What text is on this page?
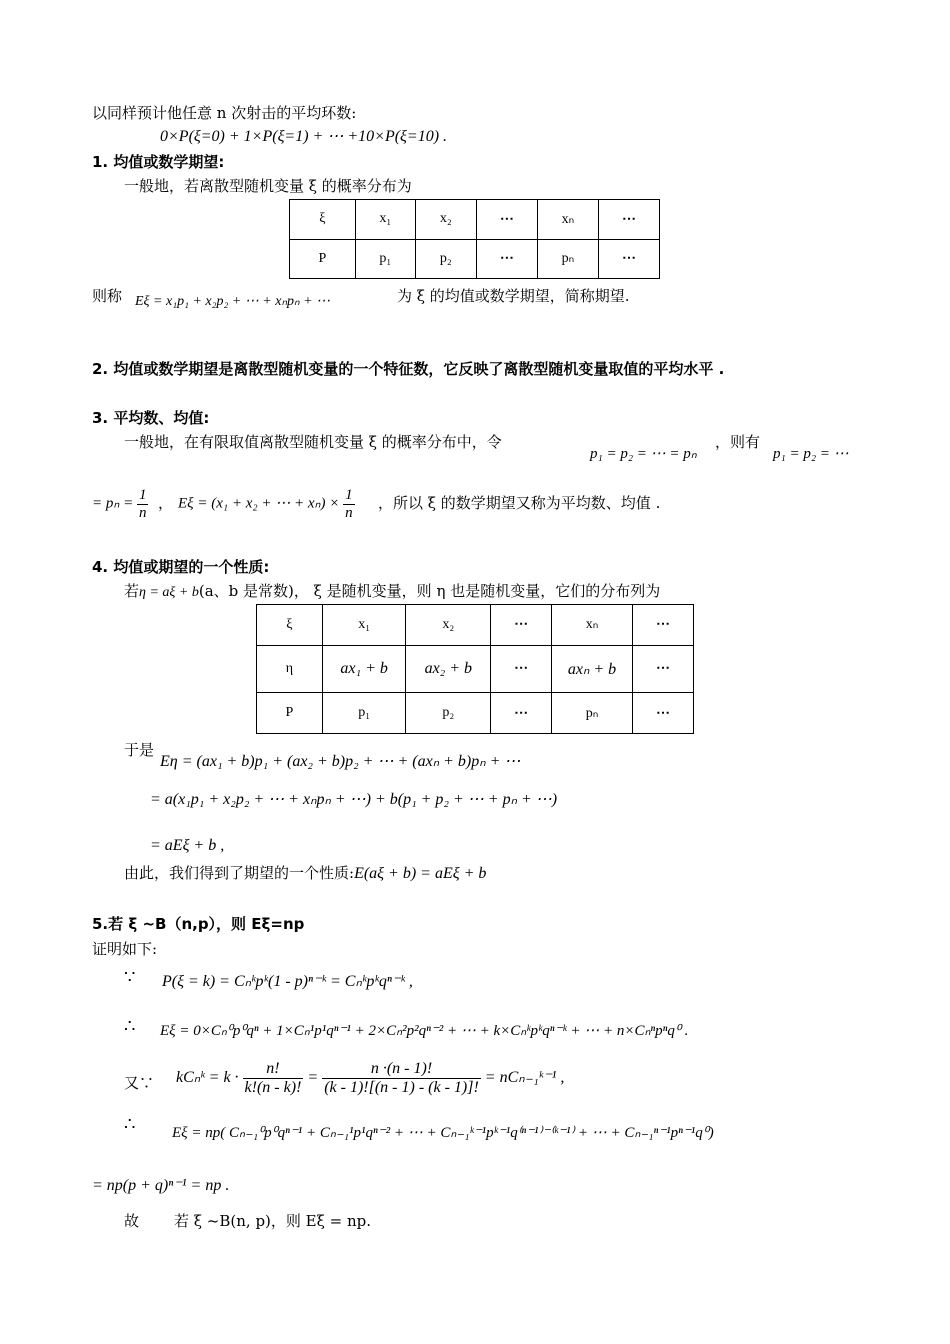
以同样预计他任意 n 次射击的平均环数:
0×P(ξ=0) + 1×P(ξ=1) + ⋯ +10×P(ξ=10) .
1. 均值或数学期望:
一般地，若离散型随机变量 ξ 的概率分布为
ξ	x₁	x₂	⋯	xₙ	⋯
P	p₁	p₂	⋯	pₙ	⋯
则称 Eξ = x₁p₁ + x₂p₂ + ⋯ + xₙpₙ + ⋯	为 ξ 的均值或数学期望，简称期望.
2. 均值或数学期望是离散型随机变量的一个特征数，它反映了离散型随机变量取值的平均水平 .
3. 平均数、均值:
一般地，在有限取值离散型随机变量 ξ 的概率分布中，令
p₁ = p₂ = ⋯ = pₙ
，则有
p₁ = p₂ = ⋯
= $p_n = \frac{1}{n}$ ， Eξ = (x₁ + x₂ + ⋯ + $x_n) \times \frac{1}{n}$ ，所以 ξ 的数学期望又称为平均数、均值 .
4. 均值或期望的一个性质:
若η = aξ + b(a、b 是常数)， ξ 是随机变量，则 η 也是随机变量，它们的分布列为
ξ	x₁	x₂	⋯	xₙ	⋯
η	ax₁ + b	ax₂ + b	⋯	axₙ + b	⋯
P	p₁	p₂	⋯	pₙ	⋯
于是
Eη = (ax₁ + b)p₁ + (ax₂ + b)p₂ + ⋯ + (axₙ + b)pₙ + ⋯
= a(x₁p₁ + x₂p₂ + ⋯ + xₙpₙ + ⋯) + b(p₁ + p₂ + ⋯ + pₙ + ⋯)
= aEξ + b ,
由此，我们得到了期望的一个性质:E(aξ + b) = aEξ + b
5.若 ξ ~B（n,p），则 Eξ=np
证明如下:
∵ P(ξ = k) = Cₙᵏpᵏ(1 - p)ⁿ⁻ᵏ = Cₙᵏpᵏqⁿ⁻ᵏ ,
∴ Eξ = 0×Cₙ⁰p⁰qⁿ + 1×Cₙ¹p¹qⁿ⁻¹ + 2×Cₙ²p²qⁿ⁻² + ⋯ + k×Cₙᵏpᵏqⁿ⁻ᵏ + ⋯ + n×Cₙⁿpⁿq⁰ .
又∵ kCₙᵏ = $k \cdot \frac{n!}{k!(n - k)!} = \frac{n \cdot(n - 1)!}{(k - 1)![(n - 1) - (k - 1)]!}$ = nCₙ₋₁ᵏ⁻¹ ,
∴ Eξ = np( Cₙ₋₁⁰p⁰qⁿ⁻¹ + Cₙ₋₁¹p¹qⁿ⁻² + ⋯ + Cₙ₋₁ᵏ⁻¹pᵏ⁻¹q⁽ⁿ⁻¹⁾⁻⁽ᵏ⁻¹⁾ + ⋯ + Cₙ₋₁ⁿ⁻¹pⁿ⁻¹q⁰)
= np(p + q)ⁿ⁻¹ = np .
故 若 ξ ~B(n, p)，则 Eξ = np.
